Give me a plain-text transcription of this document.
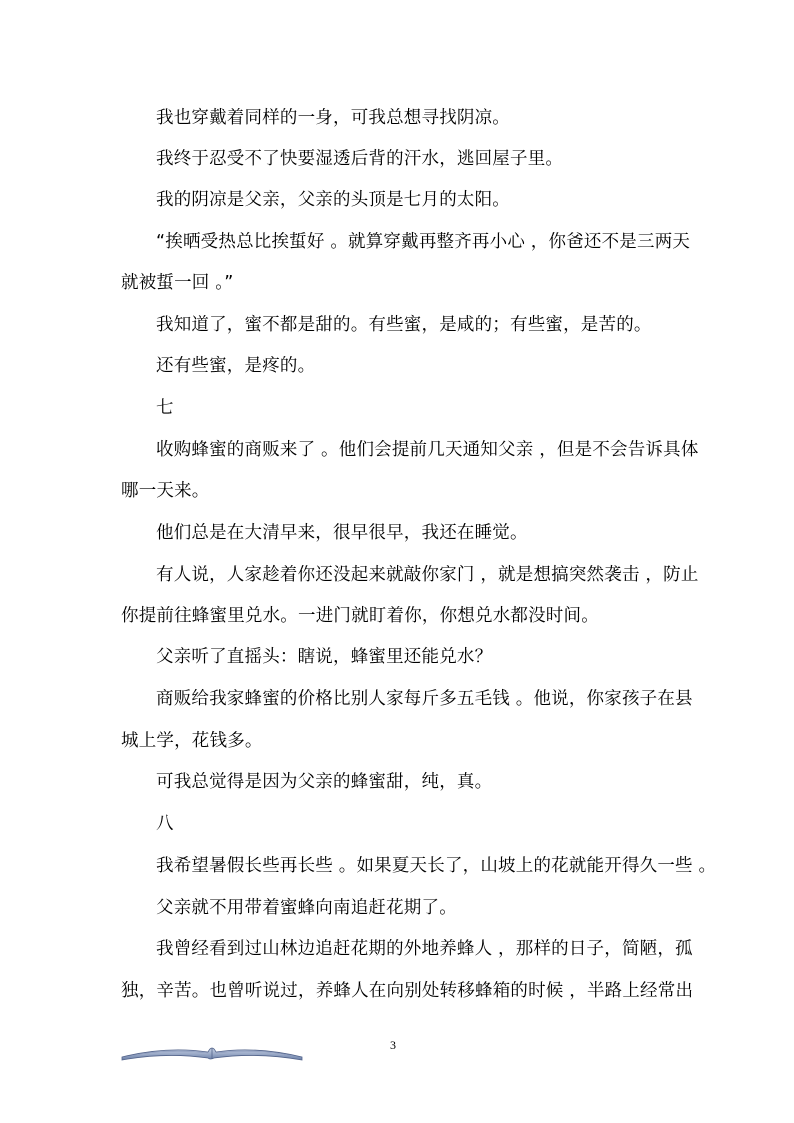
我也穿戴着同样的一身，可我总想寻找阴凉。
我终于忍受不了快要湿透后背的汗水，逃回屋子里。
我的阴凉是父亲，父亲的头顶是七月的太阳。
“挨晒受热总比挨蜇好 。就算穿戴再整齐再小心 ，你爸还不是三两天
就被蜇一回 。”
我知道了，蜜不都是甜的。有些蜜，是咸的；有些蜜，是苦的。
还有些蜜，是疼的。
七
收购蜂蜜的商贩来了 。他们会提前几天通知父亲 ，但是不会告诉具体
哪一天来。
他们总是在大清早来，很早很早，我还在睡觉。
有人说，人家趁着你还没起来就敲你家门 ，就是想搞突然袭击 ，防止
你提前往蜂蜜里兑水。一进门就盯着你，你想兑水都没时间。
父亲听了直摇头：瞎说，蜂蜜里还能兑水？
商贩给我家蜂蜜的价格比别人家每斤多五毛钱 。他说，你家孩子在县
城上学，花钱多。
可我总觉得是因为父亲的蜂蜜甜，纯，真。
八
我希望暑假长些再长些 。如果夏天长了，山坡上的花就能开得久一些 。
父亲就不用带着蜜蜂向南追赶花期了。
我曾经看到过山林边追赶花期的外地养蜂人 ，那样的日子，简陋，孤
独，辛苦。也曾听说过，养蜂人在向别处转移蜂箱的时候 ，半路上经常出
3
